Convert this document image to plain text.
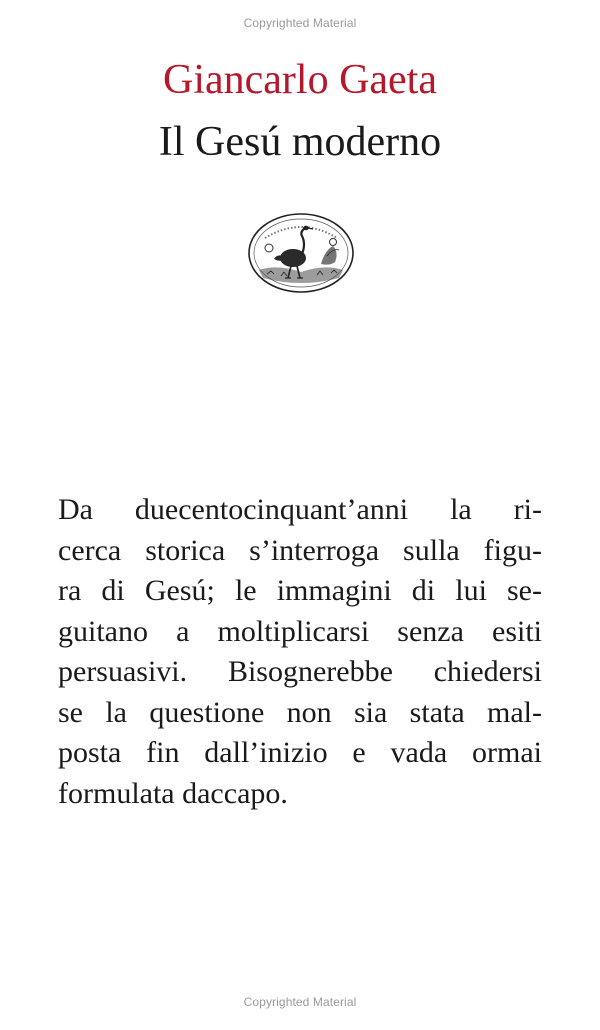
Copyrighted Material
Giancarlo Gaeta
Il Gesú moderno
Da duecentocinquant’anni la ri-
cerca storica s’interroga sulla figu-
ra di Gesú; le immagini di lui se-
guitano a moltiplicarsi senza esiti
persuasivi. Bisognerebbe chiedersi
se la questione non sia stata mal-
posta fin dall’inizio e vada ormai
formulata daccapo.
Copyrighted Material
